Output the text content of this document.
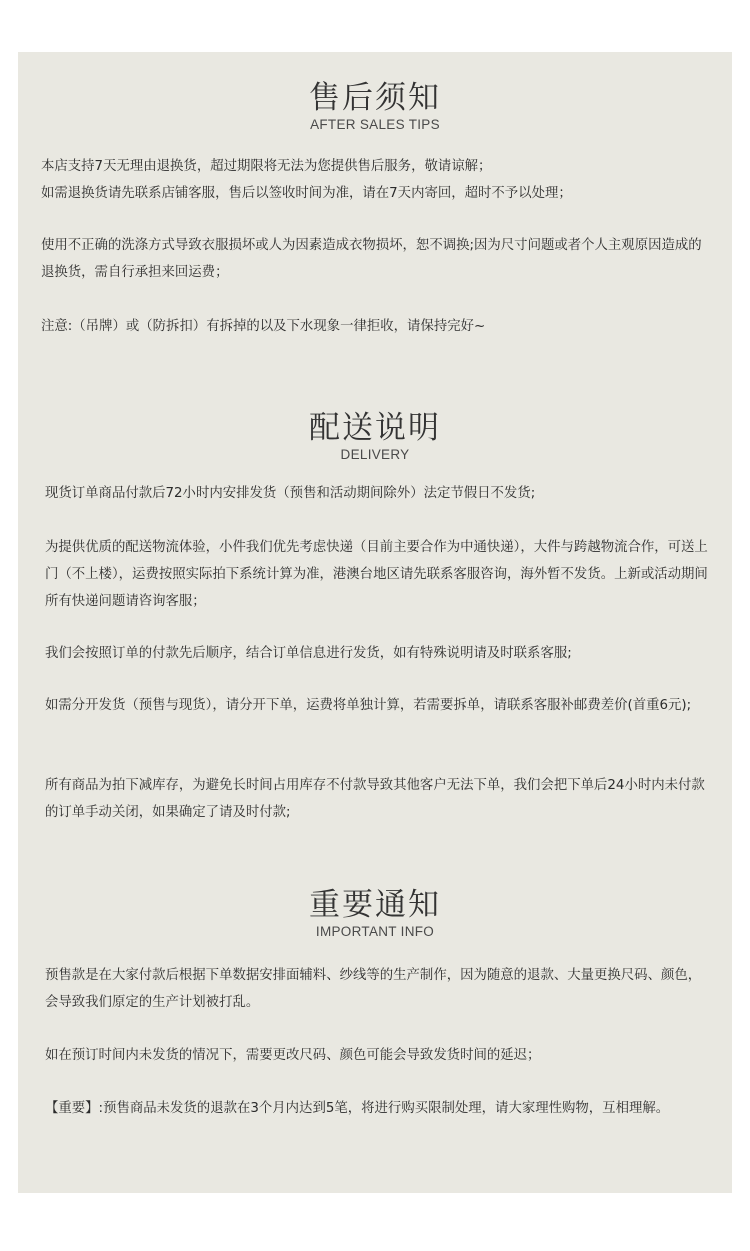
售后须知
AFTER SALES TIPS

本店支持7天无理由退换货，超过期限将无法为您提供售后服务，敬请谅解；
如需退换货请先联系店铺客服，售后以签收时间为准，请在7天内寄回，超时不予以处理；

使用不正确的洗涤方式导致衣服损坏或人为因素造成衣物损坏，恕不调换;因为尺寸问题或者个人主观原因造成的退换货，需自行承担来回运费；

注意:（吊牌）或（防拆扣）有拆掉的以及下水现象一律拒收，请保持完好~

配送说明
DELIVERY

现货订单商品付款后72小时内安排发货（预售和活动期间除外）法定节假日不发货;

为提供优质的配送物流体验，小件我们优先考虑快递（目前主要合作为中通快递），大件与跨越物流合作，可送上门（不上楼），运费按照实际拍下系统计算为准，港澳台地区请先联系客服咨询，海外暂不发货。上新或活动期间所有快递问题请咨询客服；

我们会按照订单的付款先后顺序，结合订单信息进行发货，如有特殊说明请及时联系客服;

如需分开发货（预售与现货），请分开下单，运费将单独计算，若需要拆单，请联系客服补邮费差价(首重6元);

所有商品为拍下减库存，为避免长时间占用库存不付款导致其他客户无法下单，我们会把下单后24小时内未付款的订单手动关闭，如果确定了请及时付款;

重要通知
IMPORTANT INFO

预售款是在大家付款后根据下单数据安排面辅料、纱线等的生产制作，因为随意的退款、大量更换尺码、颜色，会导致我们原定的生产计划被打乱。

如在预订时间内未发货的情况下，需要更改尺码、颜色可能会导致发货时间的延迟；

【重要】:预售商品未发货的退款在3个月内达到5笔，将进行购买限制处理，请大家理性购物，互相理解。
